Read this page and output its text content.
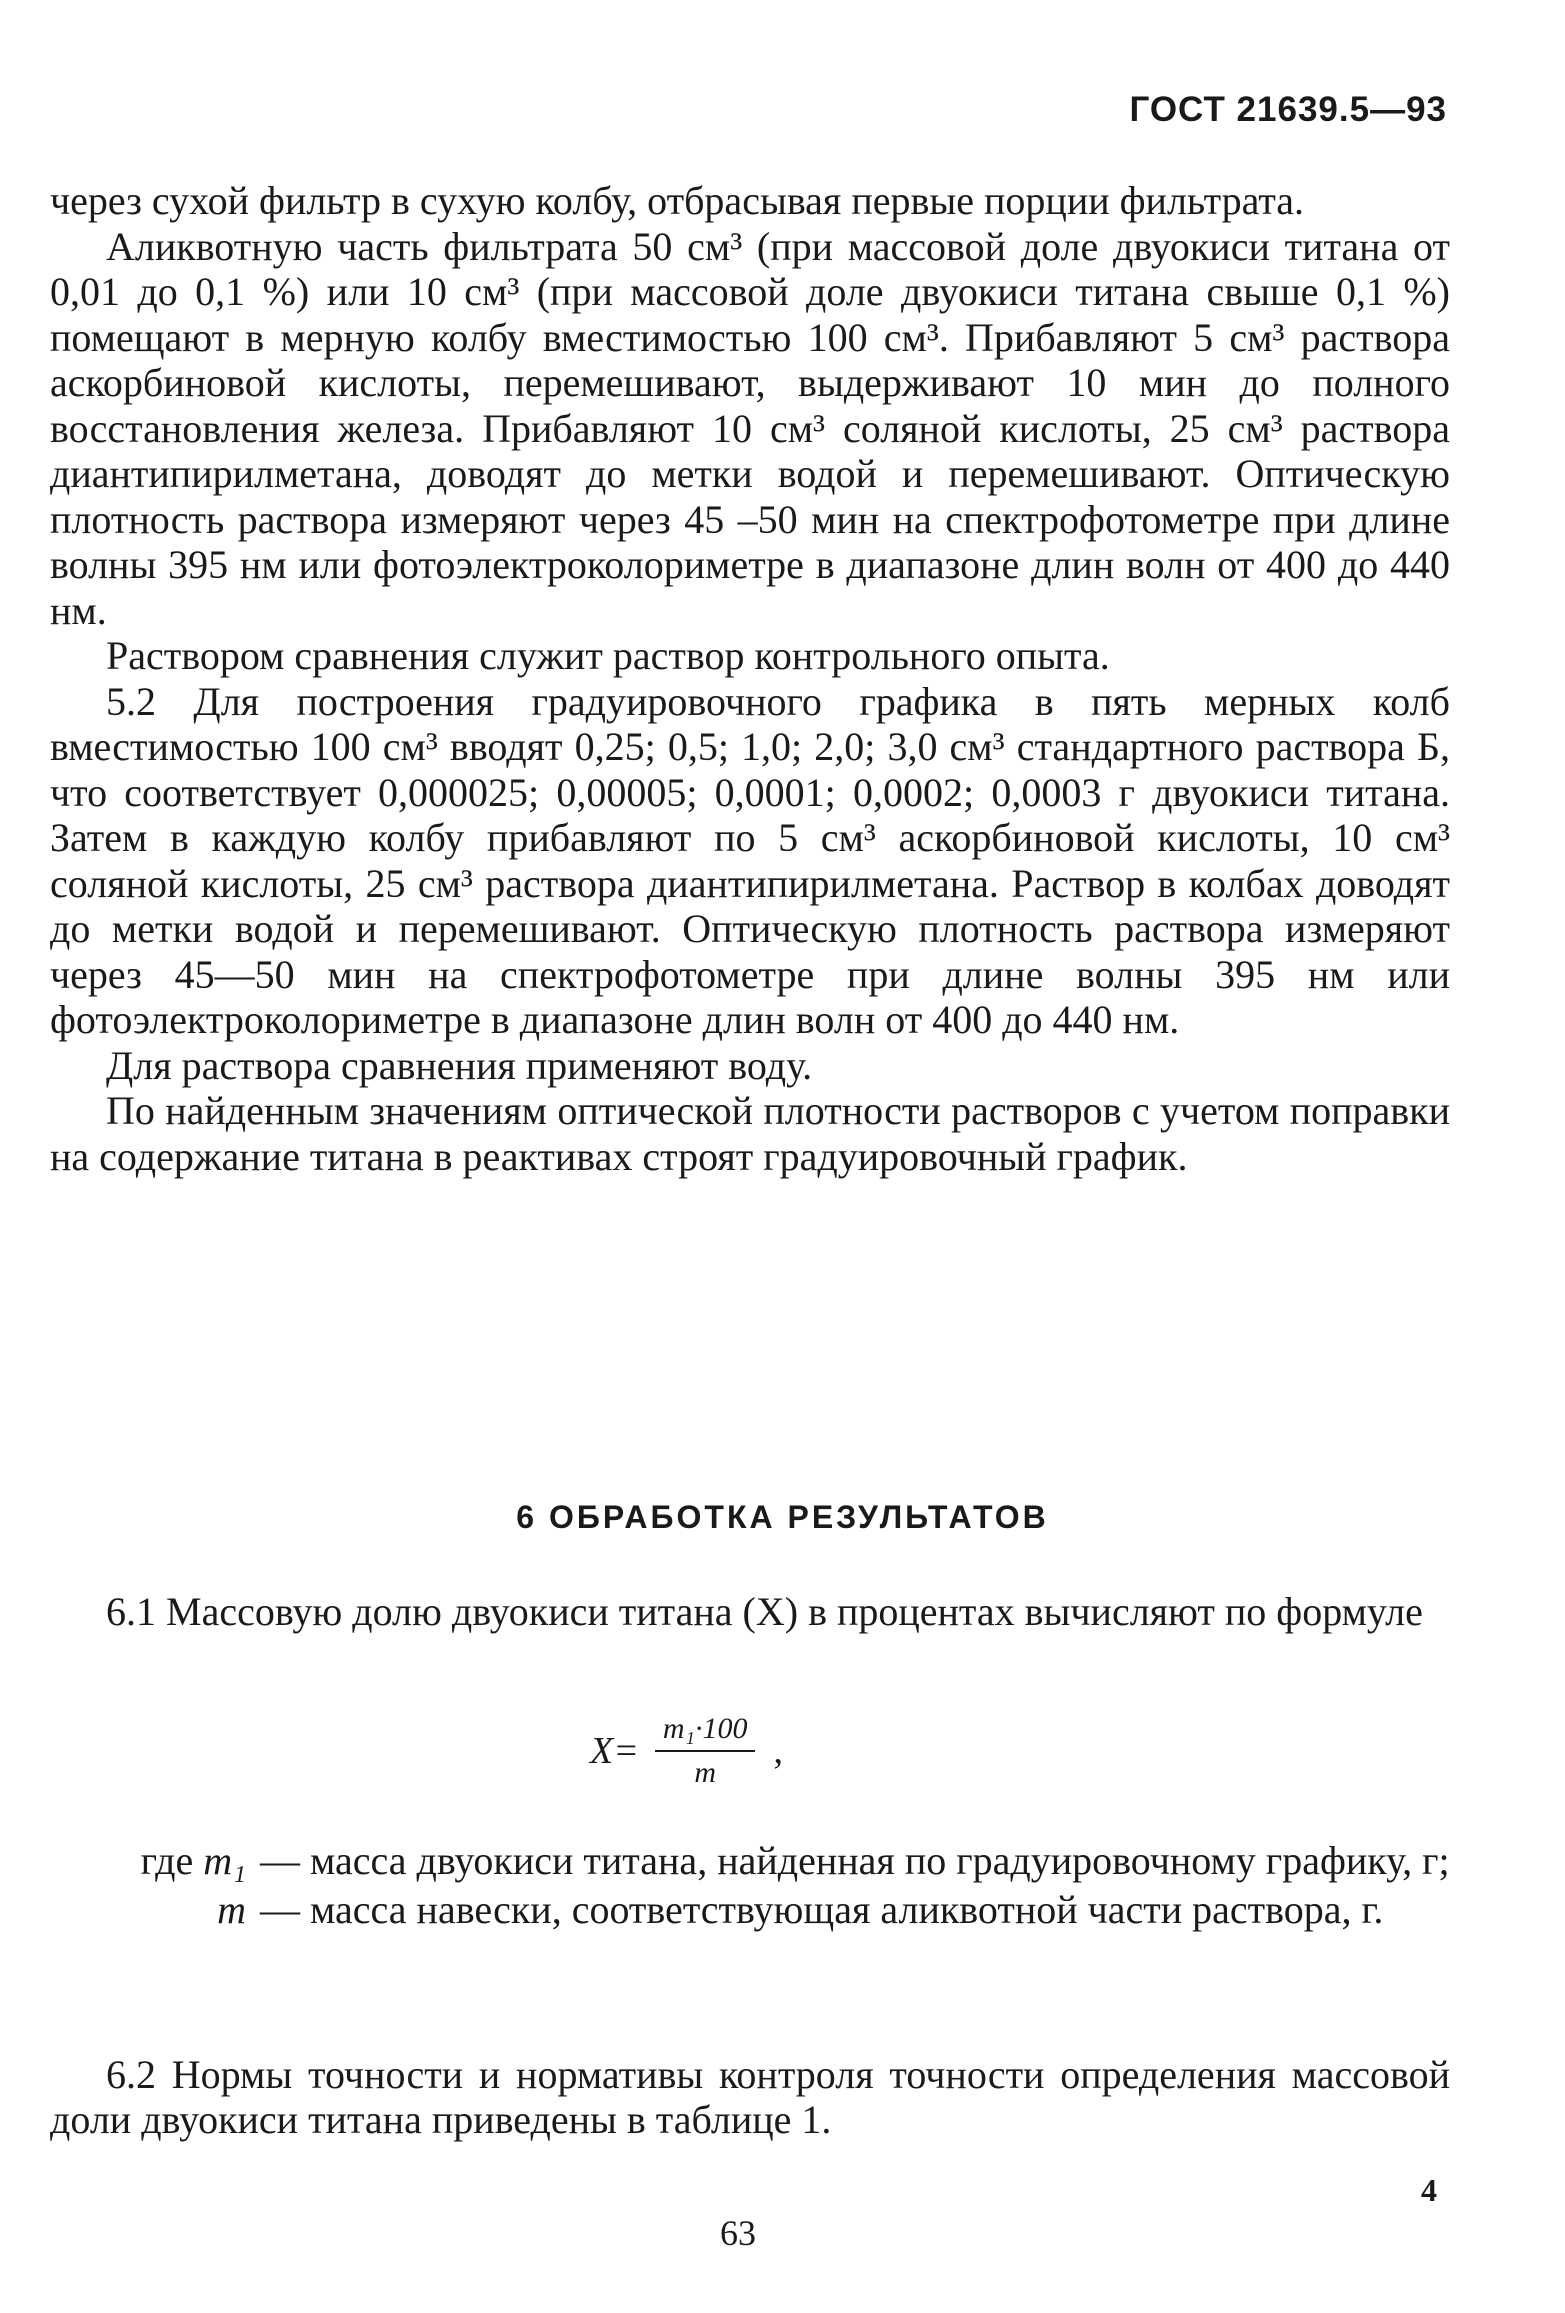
ГОСТ 21639.5—93

через сухой фильтр в сухую колбу, отбрасывая первые порции фильтрата.

Аликвотную часть фильтрата 50 см³ (при массовой доле двуокиси титана от 0,01 до 0,1 %) или 10 см³ (при массовой доле двуокиси титана свыше 0,1 %) помещают в мерную колбу вместимостью 100 см³. Прибавляют 5 см³ раствора аскорбиновой кислоты, перемешивают, выдерживают 10 мин до полного восстановления железа. Прибавляют 10 см³ соляной кислоты, 25 см³ раствора диантипирилметана, доводят до метки водой и перемешивают. Оптическую плотность раствора измеряют через 45 –50 мин на спектрофотометре при длине волны 395 нм или фотоэлектроколориметре в диапазоне длин волн от 400 до 440 нм.

Раствором сравнения служит раствор контрольного опыта.

5.2 Для построения градуировочного графика в пять мерных колб вместимостью 100 см³ вводят 0,25; 0,5; 1,0; 2,0; 3,0 см³ стандартного раствора Б, что соответствует 0,000025; 0,00005; 0,0001; 0,0002; 0,0003 г двуокиси титана. Затем в каждую колбу прибавляют по 5 см³ аскорбиновой кислоты, 10 см³ соляной кислоты, 25 см³ раствора диантипирилметана. Раствор в колбах доводят до метки водой и перемешивают. Оптическую плотность раствора измеряют через 45—50 мин на спектрофотометре при длине волны 395 нм или фотоэлектроколориметре в диапазоне длин волн от 400 до 440 нм.

Для раствора сравнения применяют воду.

По найденным значениям оптической плотности растворов с учетом поправки на содержание титана в реактивах строят градуировочный график.

6 ОБРАБОТКА РЕЗУЛЬТАТОВ

6.1 Массовую долю двуокиси титана (X) в процентах вычисляют по формуле

$X= \frac{\text{m₁·100}}{m}$ ,
где m₁ — масса двуокиси титана, найденная по градуировочному графику, г;
m — масса навески, соответствующая аликвотной части раствора, г.

6.2 Нормы точности и нормативы контроля точности определения массовой доли двуокиси титана приведены в таблице 1.

63
4
